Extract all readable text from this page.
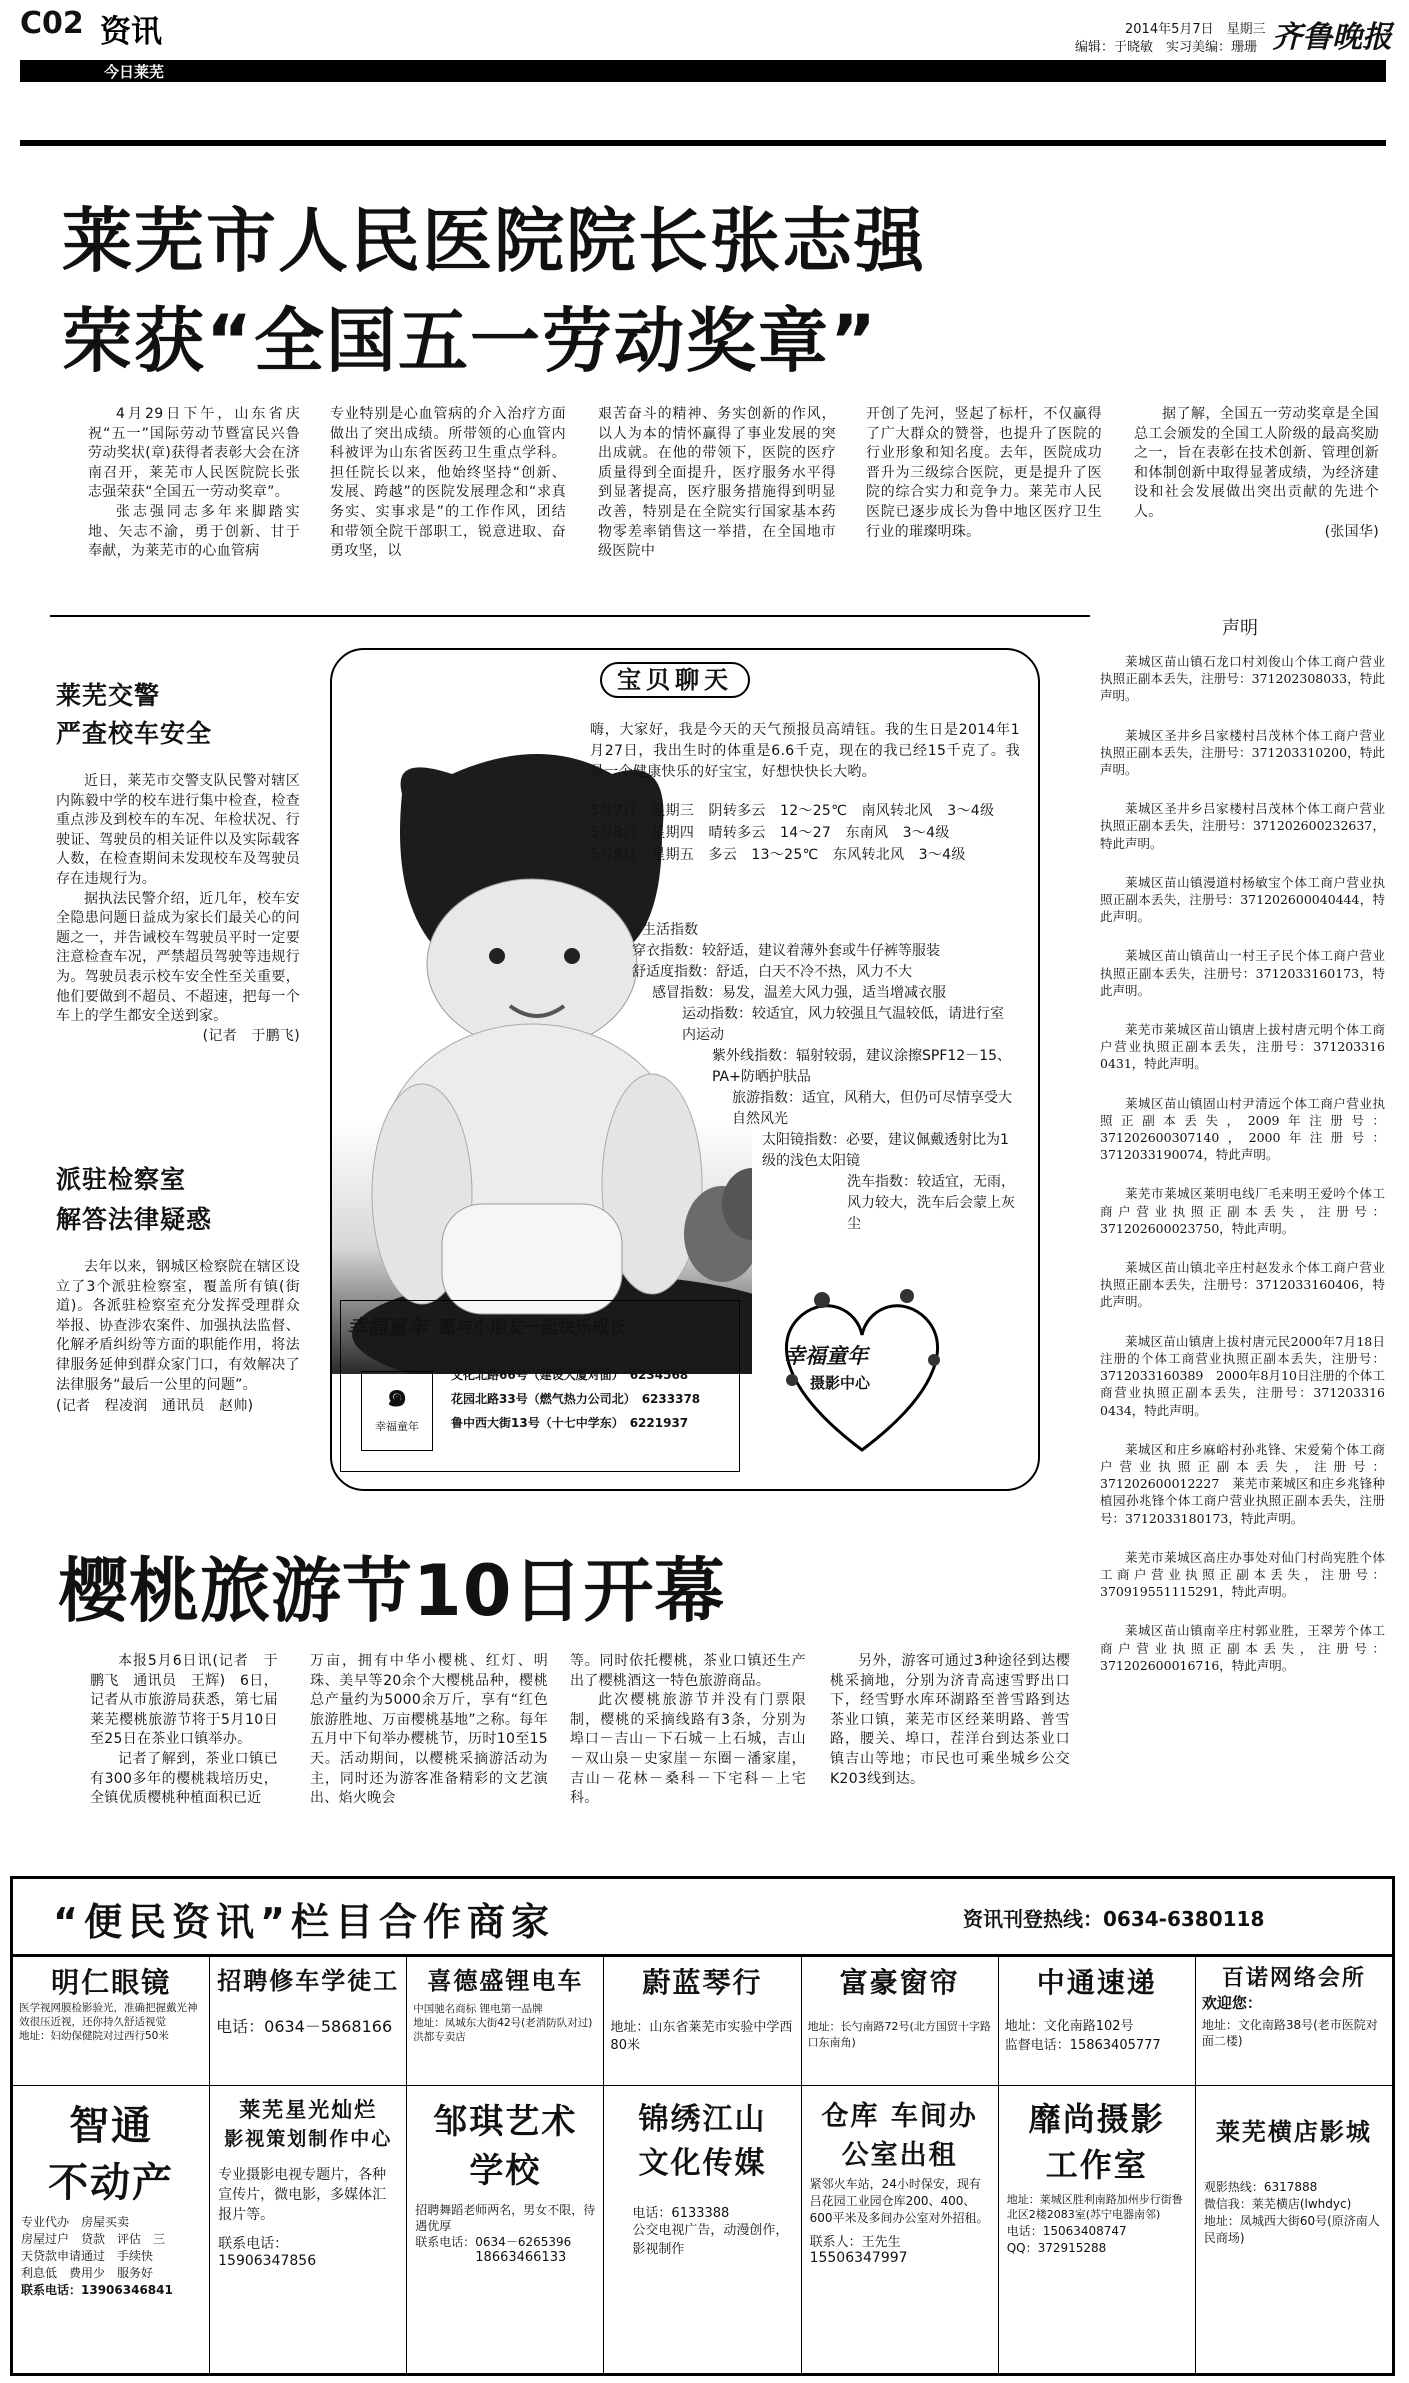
C02 资讯
今日莱芜
2014年5月7日　星期三
编辑：于晓敏　实习美编：珊珊 齐鲁晚报
莱芜市人民医院院长张志强
荣获“全国五一劳动奖章”

4月29日下午，山东省庆祝“五一”国际劳动节暨富民兴鲁劳动奖状(章)获得者表彰大会在济南召开，莱芜市人民医院院长张志强荣获“全国五一劳动奖章”。

张志强同志多年来脚踏实地、矢志不渝，勇于创新、甘于奉献，为莱芜市的心血管病

专业特别是心血管病的介入治疗方面做出了突出成绩。所带领的心血管内科被评为山东省医药卫生重点学科。担任院长以来，他始终坚持“创新、发展、跨越”的医院发展理念和“求真务实、实事求是”的工作作风，团结和带领全院干部职工，锐意进取、奋勇攻坚，以
艰苦奋斗的精神、务实创新的作风，以人为本的情怀赢得了事业发展的突出成就。在他的带领下，医院的医疗质量得到全面提升，医疗服务水平得到显著提高，医疗服务措施得到明显改善，特别是在全院实行国家基本药物零差率销售这一举措，在全国地市级医院中
开创了先河，竖起了标杆，不仅赢得了广大群众的赞誉，也提升了医院的行业形象和知名度。去年，医院成功晋升为三级综合医院，更是提升了医院的综合实力和竞争力。莱芜市人民医院已逐步成长为鲁中地区医疗卫生行业的璀璨明珠。

据了解，全国五一劳动奖章是全国总工会颁发的全国工人阶级的最高奖励之一，旨在表彰在技术创新、管理创新和体制创新中取得显著成绩，为经济建设和社会发展做出突出贡献的先进个人。

(张国华)
莱芜交警
严查校车安全

近日，莱芜市交警支队民警对辖区内陈毅中学的校车进行集中检查，检查重点涉及到校车的车况、年检状况、行驶证、驾驶员的相关证件以及实际载客人数，在检查期间未发现校车及驾驶员存在违规行为。

据执法民警介绍，近几年，校车安全隐患问题日益成为家长们最关心的问题之一，并告诫校车驾驶员平时一定要注意检查车况，严禁超员驾驶等违规行为。驾驶员表示校车安全性至关重要，他们要做到不超员、不超速，把每一个车上的学生都安全送到家。

(记者　于鹏飞)
派驻检察室
解答法律疑惑

去年以来，钢城区检察院在辖区设立了3个派驻检察室，覆盖所有镇(街道)。各派驻检察室充分发挥受理群众举报、协查涉农案件、加强执法监督、化解矛盾纠纷等方面的职能作用，将法律服务延伸到群众家门口，有效解决了法律服务“最后一公里的问题”。

(记者　程凌润　通讯员　赵帅)
宝贝聊天
嗨，大家好，我是今天的天气预报员高靖钰。我的生日是2014年1月27日，我出生时的体重是6.6千克，现在的我已经15千克了。我是一个健康快乐的好宝宝，好想快快长大哟。
5月7日　星期三　阴转多云　12～25℃　南风转北风　3～4级
5月8日　星期四　晴转多云　14～27　东南风　3～4级
5月9日　星期五　多云　13～25℃　东风转北风　3～4级
生活指数
穿衣指数：较舒适，建议着薄外套或牛仔裤等服装
舒适度指数：舒适，白天不冷不热，风力不大
感冒指数：易发，温差大风力强，适当增减衣服
运动指数：较适宜，风力较强且气温较低，请进行室内运动
紫外线指数：辐射较弱，建议涂擦SPF12－15、PA+防晒护肤品
旅游指数：适宜，风稍大，但仍可尽情享受大自然风光
太阳镜指数：必要，建议佩戴透射比为1级的浅色太阳镜
洗车指数：较适宜，无雨，风力较大，洗车后会蒙上灰尘
幸福童年 愿与小朋友一起快乐成长
๑
幸福童年
文化北路66号（建设大厦对面）　6234568
花园北路33号（燃气热力公司北）　6233378
鲁中西大街13号（十七中学东）　6221937
幸福童年
摄影中心
声明

莱城区苗山镇石龙口村刘俊山个体工商户营业执照正副本丢失，注册号：371202308033，特此声明。

莱城区圣井乡吕家楼村吕茂林个体工商户营业执照正副本丢失，注册号：371203310200，特此声明。

莱城区圣井乡吕家楼村吕茂林个体工商户营业执照正副本丢失，注册号：3712026002326​37，特此声明。

莱城区苗山镇漫道村杨敏宝个体工商户营业执照正副本丢失，注册号：371202600040444，特此声明。

莱城区苗山镇苗山一村王子民个体工商户营业执照正副本丢失，注册号：371203316​0173，特此声明。

莱芜市莱城区苗山镇唐上拔村唐元明个体工商户营业执照正副本丢失，注册号：371203316​0431，特此声明。

莱城区苗山镇固山村尹清远个体工商户营业执照正副本丢失，2009年注册号：371202600307140，2000年注册号：371203319​0074，特此声明。

莱芜市莱城区莱明电线厂毛来明王爱吟个体工商户营业执照正副本丢失，注册号：371202600023750，特此声明。

莱城区苗山镇北辛庄村赵发永个体工商户营业执照正副本丢失，注册号：371203316​0406，特此声明。

莱城区苗山镇唐上拔村唐元民2000年7月18日注册的个体工商营业执照正副本丢失，注册号：371203316​0389　2000年8月10日注册的个体工商营业执照正副本丢失，注册号：371203316​0434，特此声明。

莱城区和庄乡麻峪村孙兆锋、宋爱菊个体工商户营业执照正副本丢失，注册号：371202600012227　莱芜市莱城区和庄乡兆锋种植园孙兆锋个体工商户营业执照正副本丢失，注册号：371203318​0173，特此声明。

莱芜市莱城区高庄办事处对仙门村尚宪胜个体工商户营业执照正副本丢失，注册号：370919551115291，特此声明。

莱城区苗山镇南辛庄村郭业胜，王翠芳个体工商户营业执照正副本丢失，注册号：371202600016716，特此声明。

樱桃旅游节10日开幕

本报5月6日讯(记者　于鹏飞　通讯员　王辉)　6日，记者从市旅游局获悉，第七届莱芜樱桃旅游节将于5月10日至25日在茶业口镇举办。

记者了解到，茶业口镇已有300多年的樱桃栽培历史，全镇优质樱桃种植面积已近

万亩，拥有中华小樱桃、红灯、明珠、美早等20余个大樱桃品种，樱桃总产量约为5000余万斤，享有“红色旅游胜地、万亩樱桃基地”之称。每年五月中下旬举办樱桃节，历时10至15天。活动期间，以樱桃采摘游活动为主，同时还为游客准备精彩的文艺演出、焰火晚会

等。同时依托樱桃，茶业口镇还生产出了樱桃酒这一特色旅游商品。

此次樱桃旅游节并没有门票限制，樱桃的采摘线路有3条，分别为埠口－吉山－下石城－上石城，吉山－双山泉－史家崖－东圈－潘家崖，吉山－花林－桑科－下宅科－上宅科。

另外，游客可通过3种途径到达樱桃采摘地，分别为济青高速雪野出口下，经雪野水库环湖路至普雪路到达茶业口镇，莱芜市区经莱明路、普雪路，腰关、埠口，茬洋台到达茶业口镇吉山等地；市民也可乘坐城乡公交K203线到达。
“便民资讯”栏目合作商家	资讯刊登热线：0634-6380118
明仁眼镜
医学视网膜检影验光，准确把握戴光神效很压近视，还你持久舒适视觉
地址：妇幼保健院对过西行50米
招聘修车学徒工
电话：0634－5868166
喜德盛锂电车
中国驰名商标 锂电第一品牌
地址：凤城东大街42号(老消防队对过)洪都专卖店
蔚蓝琴行
地址：山东省莱芜市实验中学西80米
富豪窗帘
地址：长勺南路72号(北方国贸十字路口东南角)
中通速递
地址：文化南路102号
监督电话：15863405777
百诺网络会所
欢迎您：
地址：文化南路38号(老市医院对面二楼)
智通
不动产
专业代办　房屋买卖
房屋过户　贷款　评估　三
天贷款申请通过　手续快
利息低　费用少　服务好
联系电话：13906346841
莱芜星光灿烂
影视策划制作中心
专业摄影电视专题片，各种宣传片，微电影，多媒体汇报片等。
联系电话：
15906347856
邹琪艺术
学校
招聘舞蹈老师两名，男女不限，待遇优厚
联系电话：0634－6265396
18663466133
锦绣江山
文化传媒
电话：6133388
公交电视广告，动漫创作，影视制作
仓库 车间办
公室出租
紧邻火车站，24小时保安，现有吕花园工业园仓库200、400、600平米及多间办公室对外招租。
联系人：王先生
15506347997
靡尚摄影
工作室
地址：莱城区胜利南路加州步行街鲁北区2楼2083室(苏宁电器南邻)
电话：15063408747
QQ：372915288
莱芜横店影城
观影热线：6317888
微信我：莱芜横店(lwhdyc)
地址：凤城西大街60号(原济南人民商场)
